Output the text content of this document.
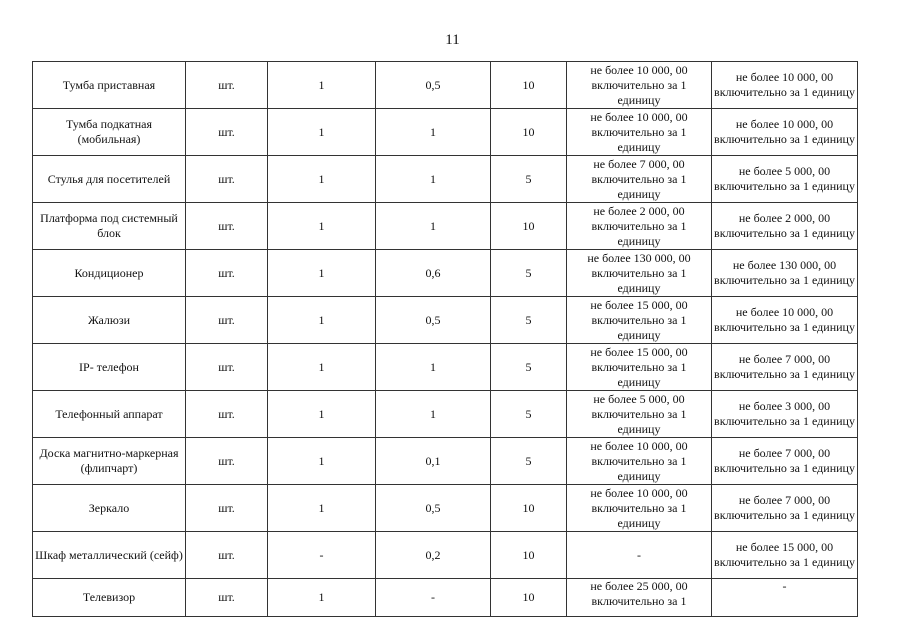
11
Тумба приставная	шт.	1	0,5	10	не более 10 000, 00 включительно за 1 единицу	не более 10 000, 00 включительно за 1 единицу

Тумба подкатная (мобильная)	шт.	1	1	10	не более 10 000, 00 включительно за 1 единицу	не более 10 000, 00 включительно за 1 единицу

Стулья для посетителей	шт.	1	1	5	не более 7 000, 00 включительно за 1 единицу	не более 5 000, 00 включительно за 1 единицу

Платформа под системный блок	шт.	1	1	10	не более 2 000, 00 включительно за 1 единицу	не более 2 000, 00 включительно за 1 единицу

Кондиционер	шт.	1	0,6	5	не более 130 000, 00 включительно за 1 единицу	не более 130 000, 00 включительно за 1 единицу

Жалюзи	шт.	1	0,5	5	не более 15 000, 00 включительно за 1 единицу	не более 10 000, 00 включительно за 1 единицу

IP- телефон	шт.	1	1	5	не более 15 000, 00 включительно за 1 единицу	не более 7 000, 00 включительно за 1 единицу

Телефонный аппарат	шт.	1	1	5	не более 5 000, 00 включительно за 1 единицу	не более 3 000, 00 включительно за 1 единицу

Доска магнитно-маркерная (флипчарт)	шт.	1	0,1	5	не более 10 000, 00 включительно за 1 единицу	не более 7 000, 00 включительно за 1 единицу

Зеркало	шт.	1	0,5	10	не более 10 000, 00 включительно за 1 единицу	не более 7 000, 00 включительно за 1 единицу

Шкаф металлический (сейф)	шт.	-	0,2	10	-	не более 15 000, 00 включительно за 1 единицу

Телевизор	шт.	1	-	10	не более 25 000, 00 включительно за 1	-
